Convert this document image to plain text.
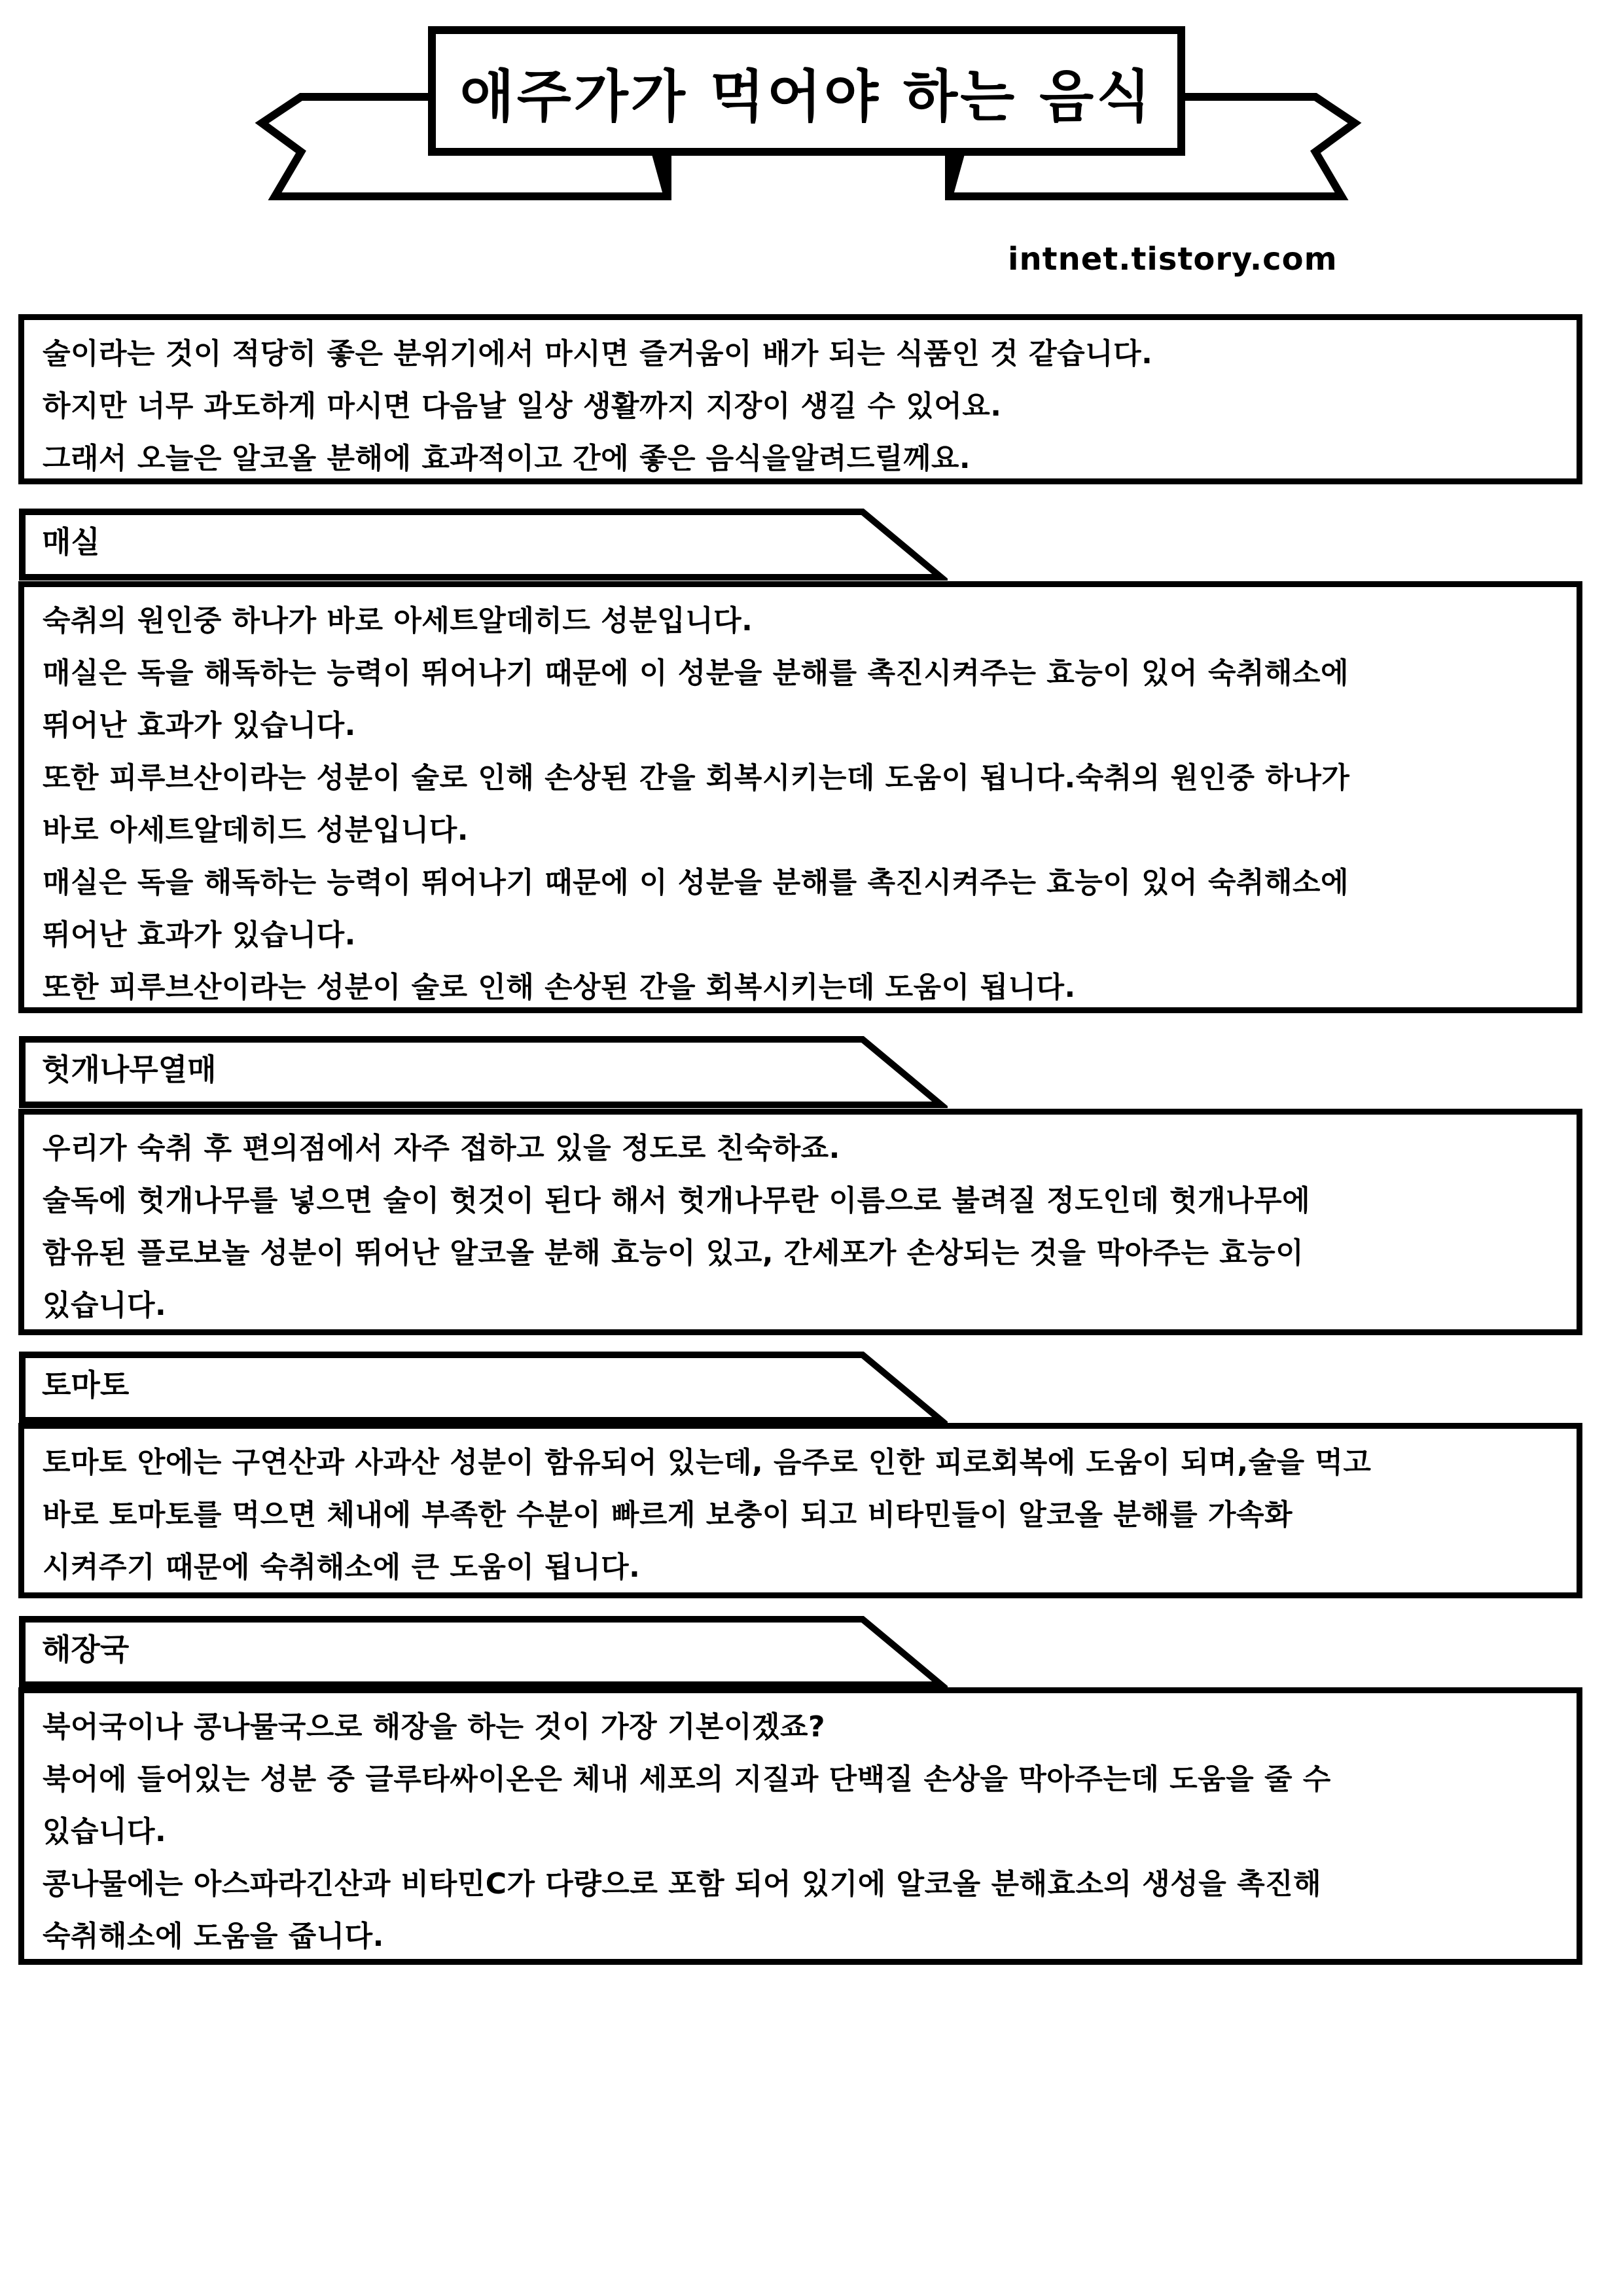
애주가가 먹어야 하는 음식
intnet.tistory.com

술이라는 것이 적당히 좋은 분위기에서 마시면 즐거움이 배가 되는 식품인 것 같습니다.

하지만 너무 과도하게 마시면 다음날 일상 생활까지 지장이 생길 수 있어요.

그래서 오늘은 알코올 분해에 효과적이고 간에 좋은 음식을알려드릴께요.

매실

숙취의 원인중 하나가 바로 아세트알데히드 성분입니다.

매실은 독을 해독하는 능력이 뛰어나기 때문에 이 성분을 분해를 촉진시켜주는 효능이 있어 숙취해소에

뛰어난 효과가 있습니다.

또한 피루브산이라는 성분이 술로 인해 손상된 간을 회복시키는데 도움이 됩니다.숙취의 원인중 하나가

바로 아세트알데히드 성분입니다.

매실은 독을 해독하는 능력이 뛰어나기 때문에 이 성분을 분해를 촉진시켜주는 효능이 있어 숙취해소에

뛰어난 효과가 있습니다.

또한 피루브산이라는 성분이 술로 인해 손상된 간을 회복시키는데 도움이 됩니다.

헛개나무열매

우리가 숙취 후 편의점에서 자주 접하고 있을 정도로 친숙하죠.

술독에 헛개나무를 넣으면 술이 헛것이 된다 해서 헛개나무란 이름으로 불려질 정도인데 헛개나무에

함유된 플로보놀 성분이 뛰어난 알코올 분해 효능이 있고, 간세포가 손상되는 것을 막아주는 효능이

있습니다.

토마토

토마토 안에는 구연산과 사과산 성분이 함유되어 있는데, 음주로 인한 피로회복에 도움이 되며,술을 먹고

바로 토마토를 먹으면 체내에 부족한 수분이 빠르게 보충이 되고 비타민들이 알코올 분해를 가속화

시켜주기 때문에 숙취해소에 큰 도움이 됩니다.

해장국

북어국이나 콩나물국으로 해장을 하는 것이 가장 기본이겠죠?

북어에 들어있는 성분 중 글루타싸이온은 체내 세포의 지질과 단백질 손상을 막아주는데 도움을 줄 수

있습니다.

콩나물에는 아스파라긴산과 비타민C가 다량으로 포함 되어 있기에 알코올 분해효소의 생성을 촉진해

숙취해소에 도움을 줍니다.
